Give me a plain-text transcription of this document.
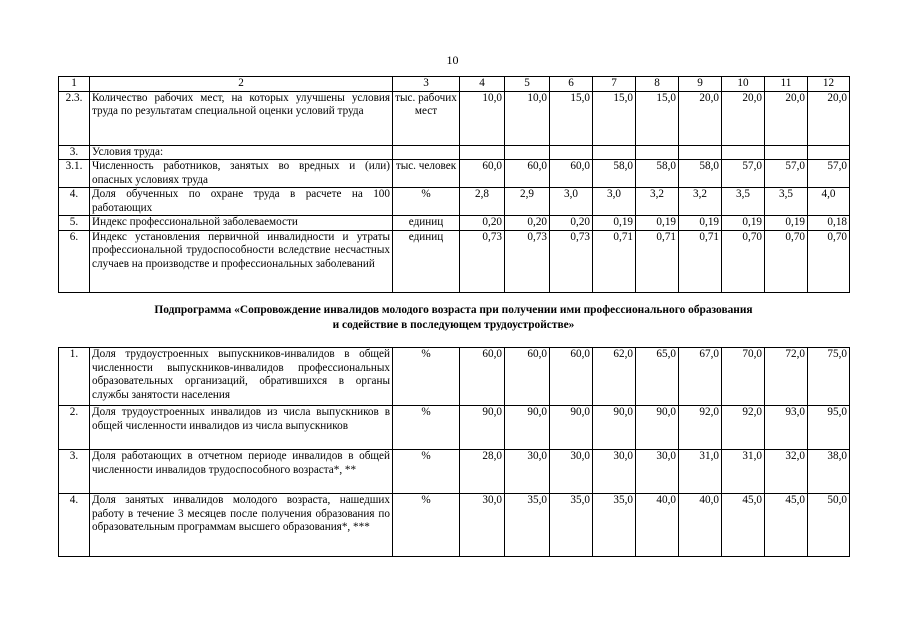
10
1	2	3	4	5	6	7	8	9	10	11	12
2.3.	Количество рабочих мест, на которых улучшены условия труда по результатам специальной оценки условий труда	тыс. рабочих мест	10,0	10,0	15,0	15,0	15,0	20,0	20,0	20,0	20,0
3.	Условия труда:										
3.1.	Численность работников, занятых во вредных и (или) опасных условиях труда	тыс. человек	60,0	60,0	60,0	58,0	58,0	58,0	57,0	57,0	57,0
4.	Доля обученных по охране труда в расчете на 100 работающих	%	2,8	2,9	3,0	3,0	3,2	3,2	3,5	3,5	4,0
5.	Индекс профессиональной заболеваемости	единиц	0,20	0,20	0,20	0,19	0,19	0,19	0,19	0,19	0,18
6.	Индекс установления первичной инвалидности и утраты профессиональной трудоспособности вследствие несчастных случаев на производстве и профессиональных заболеваний	единиц	0,73	0,73	0,73	0,71	0,71	0,71	0,70	0,70	0,70
Подпрограмма «Сопровождение инвалидов молодого возраста при получении ими профессионального образования
и содействие в последующем трудоустройстве»
1.	Доля трудоустроенных выпускников-инвалидов в общей численности выпускников-инвалидов профессиональных образовательных организаций, обратившихся в органы службы занятости населения	%	60,0	60,0	60,0	62,0	65,0	67,0	70,0	72,0	75,0
2.	Доля трудоустроенных инвалидов из числа выпускников в общей численности инвалидов из числа выпускников	%	90,0	90,0	90,0	90,0	90,0	92,0	92,0	93,0	95,0
3.	Доля работающих в отчетном периоде инвалидов в общей численности инвалидов трудоспособного возраста*, **	%	28,0	30,0	30,0	30,0	30,0	31,0	31,0	32,0	38,0
4.	Доля занятых инвалидов молодого возраста, нашедших работу в течение 3 месяцев после получения образования по образовательным программам высшего образования*, ***	%	30,0	35,0	35,0	35,0	40,0	40,0	45,0	45,0	50,0
